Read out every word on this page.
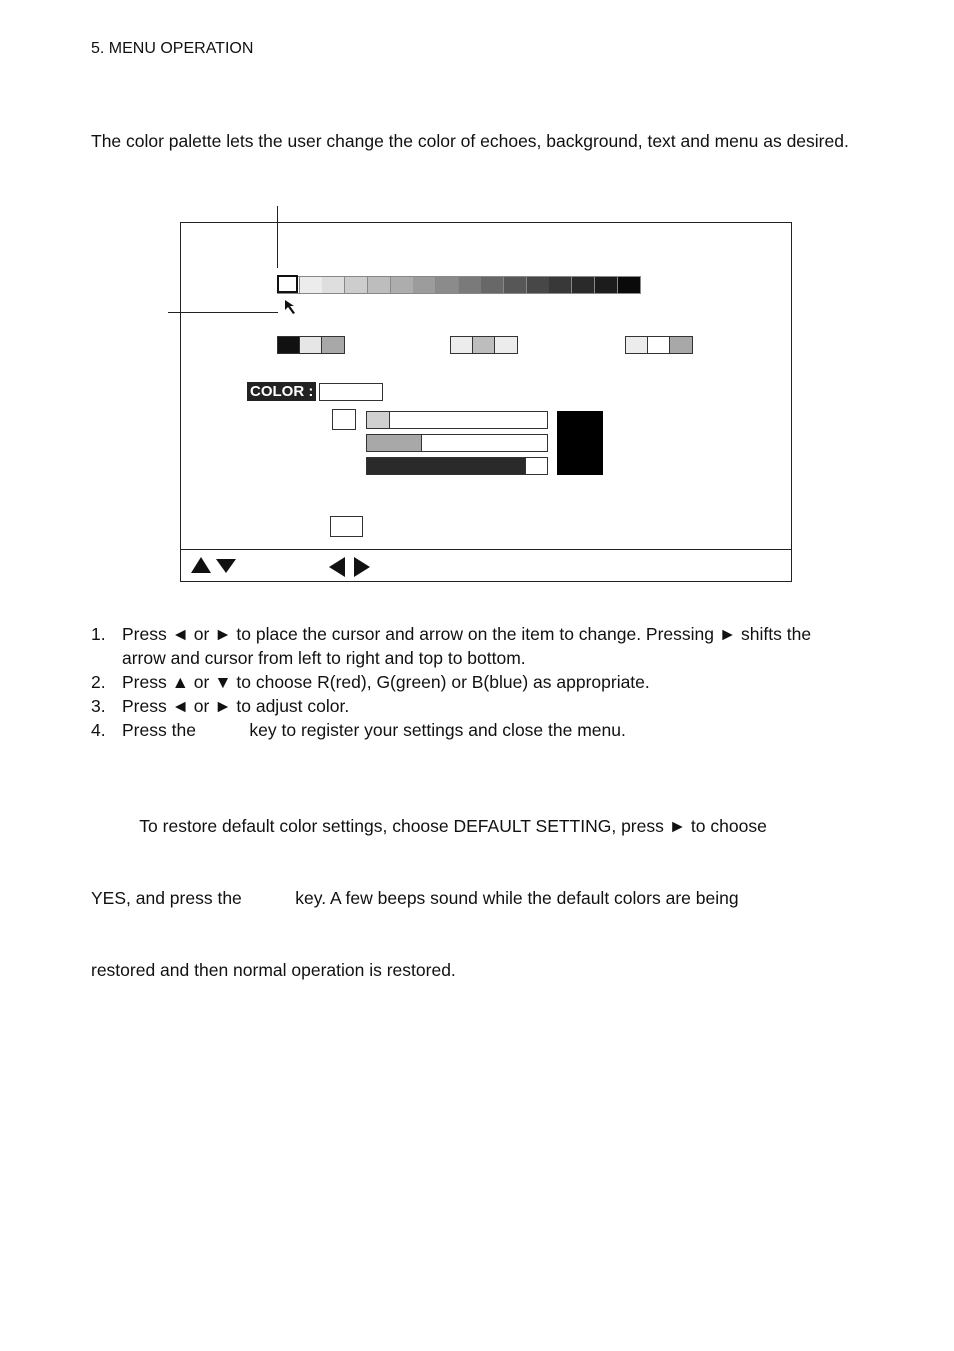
5. MENU OPERATION
The color palette lets the user change the color of echoes, background, text and menu as desired.
COLOR :
1. Press ◄ or ► to place the cursor and arrow on the item to change. Pressing ► shifts the arrow and cursor from left to right and top to bottom.
2. Press ▲ or ▼ to choose R(red), G(green) or B(blue) as appropriate.
3. Press ◄ or ► to adjust color.
4. Press the           key to register your settings and close the menu.

To restore default color settings, choose DEFAULT SETTING, press ► to choose

YES, and press the           key. A few beeps sound while the default colors are being

restored and then normal operation is restored.
